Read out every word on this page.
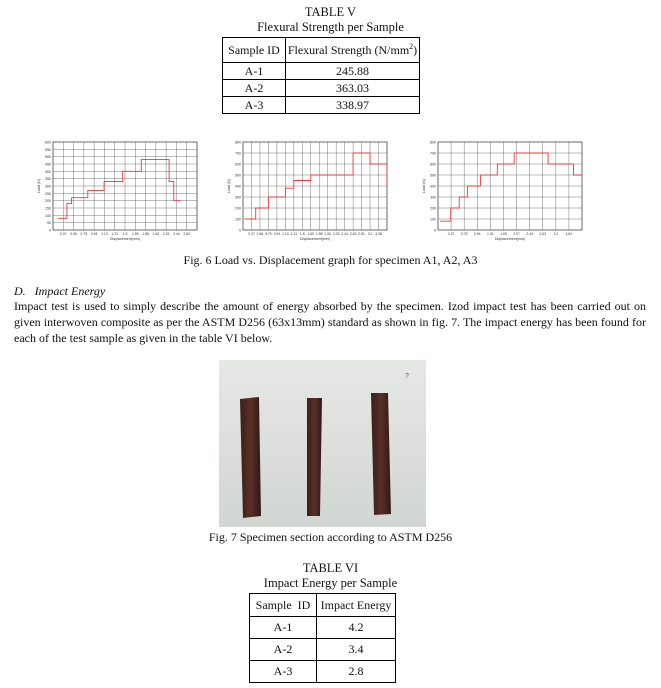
TABLE V
Flexural Strength per Sample
Sample ID	Flexural Strength $(N/mm^2)$
A-1	245.88
A-2	363.03
A-3	338.97
0
50
100
150
200
250
300
350
400
450
500
550
600
0.37 0.56 0.75 0.94 1.13 1.31 1.5 1.69 1.88 2.06 2.25 2.44 2.62
Displacement(mm)
Load (N)
0
100
200
300
400
500
600
700
800
0.37 0.56 0.75 0.94 1.13 1.31 1.5 1.69 1.88 2.06 2.25 2.44 2.63 2.81 3.2 3.38
Displacement(mm)
Load (N)
0
100
200
300
400
500
600
700
800
0.37 0.75 0.94 1.31 1.69 2.07 2.44 2.63 3.2 4.62
Displacement(mm)
Load (N)
Fig. 6 Load vs. Displacement graph for specimen A1, A2, A3
D. Impact Energy
Impact test is used to simply describe the amount of energy absorbed by the specimen. Izod impact test has been carried out on given interwoven composite as per the ASTM D256 (63x13mm) standard as shown in fig. 7. The impact energy has been found for each of the test sample as given in the table VI below.
?
Fig. 7 Specimen section according to ASTM D256
TABLE VI
Impact Energy per Sample
Sample  ID	Impact Energy
A-1	4.2
A-2	3.4
A-3	2.8
